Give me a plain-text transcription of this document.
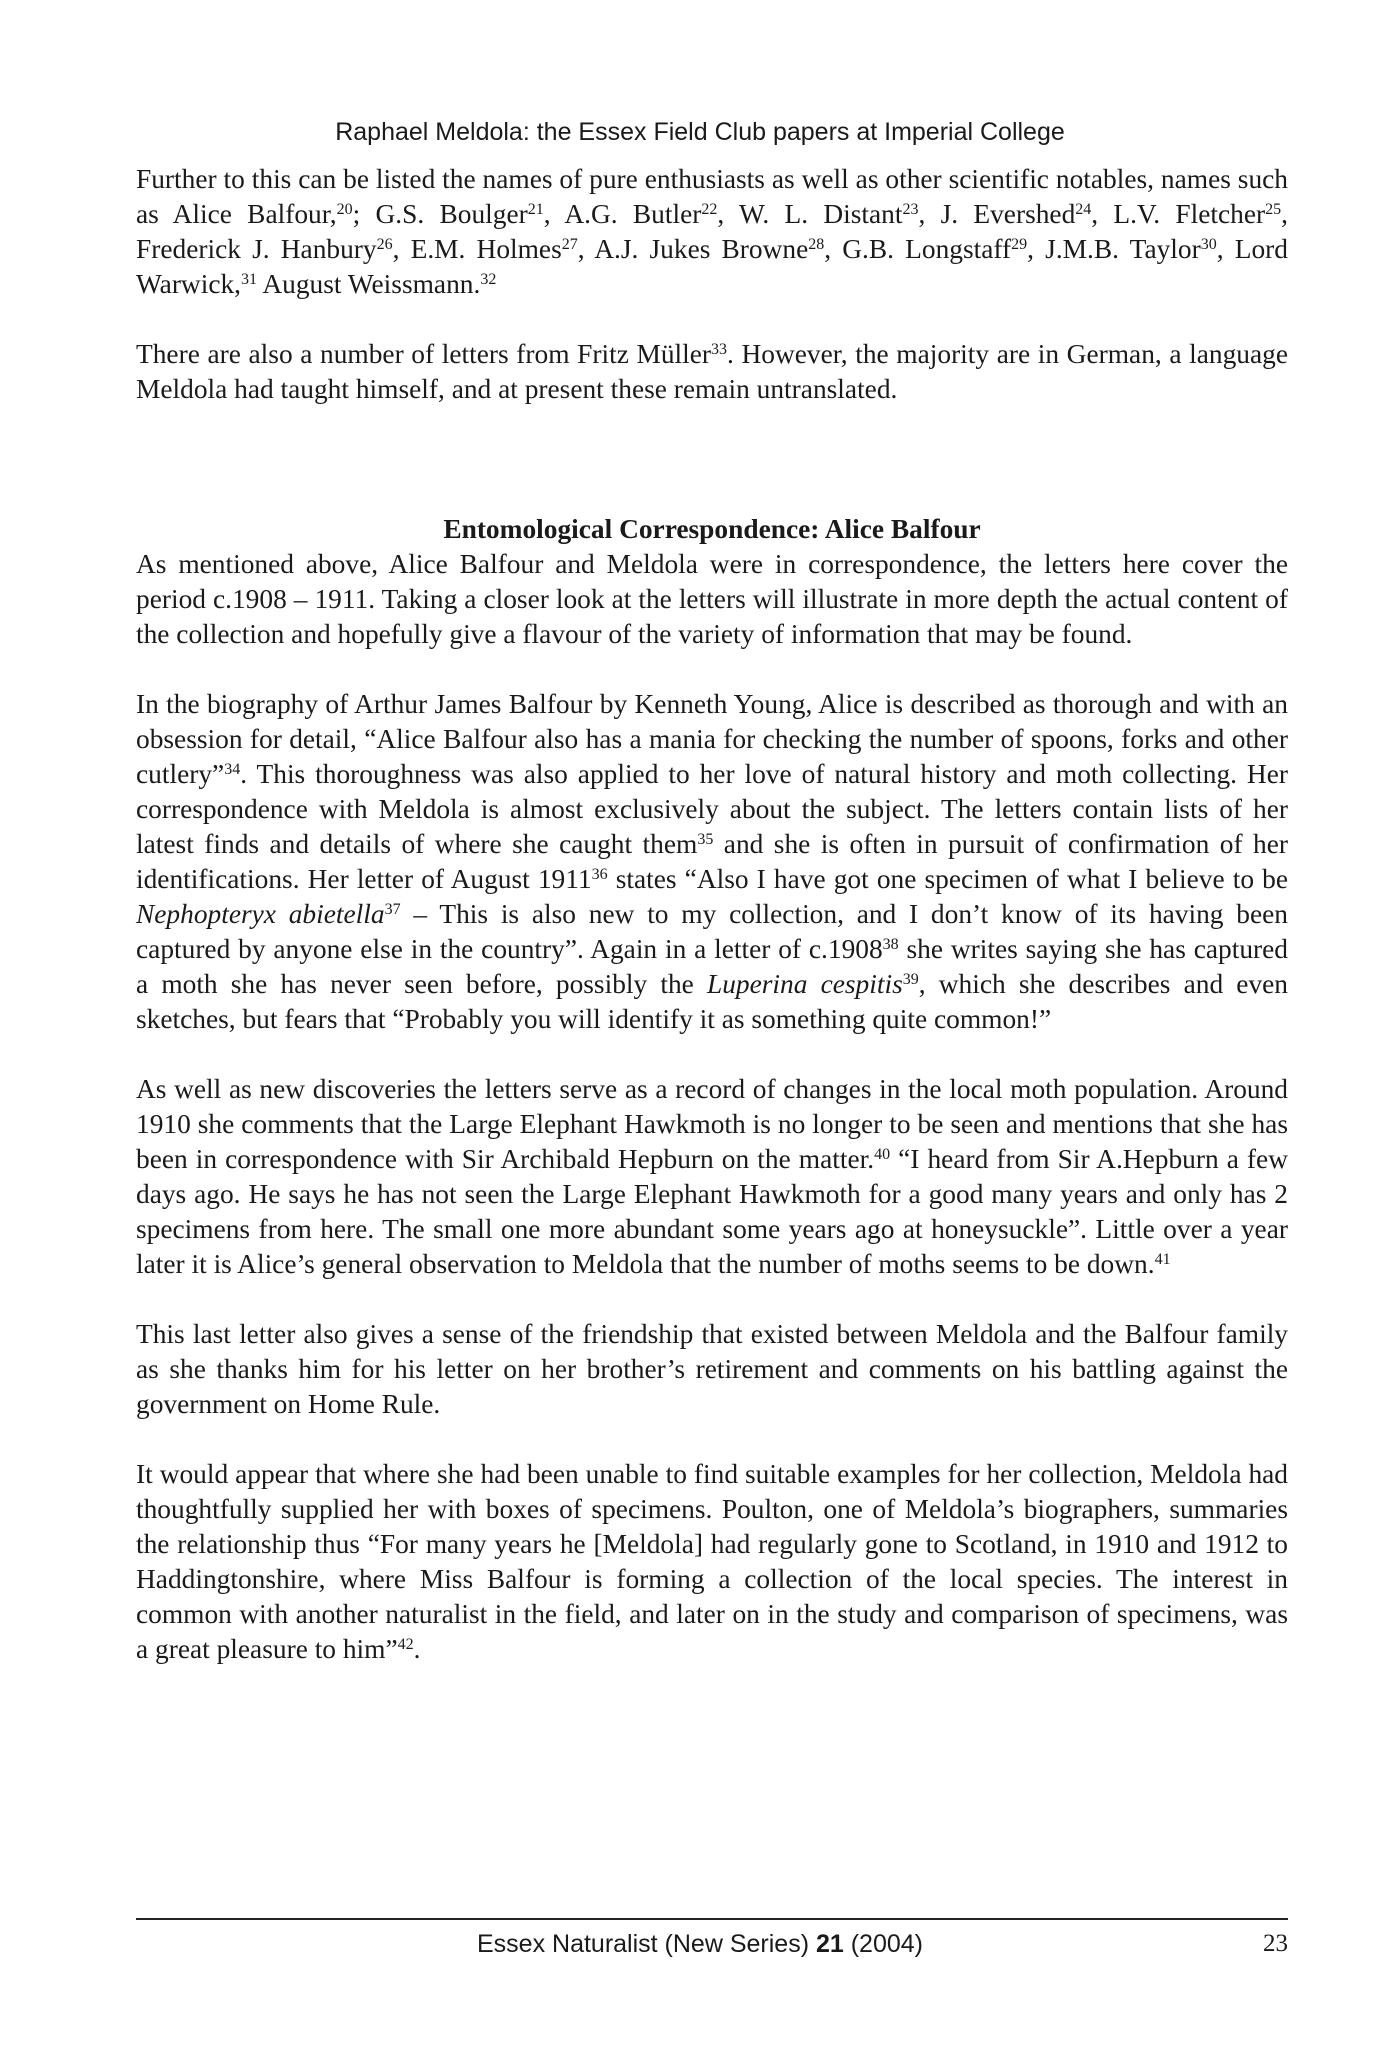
Raphael Meldola: the Essex Field Club papers at Imperial College

Further to this can be listed the names of pure enthusiasts as well as other scientific notables, names such as Alice Balfour,$^{20}$; G.S. Boulger$^{21}$, A.G. Butler$^{22}$, W. L. Distant$^{23}$, J. Evershed$^{24}$, L.V. Fletcher$^{25}$, Frederick J. Hanbury$^{26}$, E.M. Holmes$^{27}$, A.J. Jukes Browne$^{28}$, G.B. Longstaff$^{29}$, J.M.B. Taylor$^{30}$, Lord Warwick,$^{31}$ August Weissmann.$^{32}$

There are also a number of letters from Fritz Müller$^{33}$. However, the majority are in German, a language Meldola had taught himself, and at present these remain untranslated.

Entomological Correspondence: Alice Balfour

As mentioned above, Alice Balfour and Meldola were in correspondence, the letters here cover the period c.1908 – 1911. Taking a closer look at the letters will illustrate in more depth the actual content of the collection and hopefully give a flavour of the variety of information that may be found.

In the biography of Arthur James Balfour by Kenneth Young, Alice is described as thorough and with an obsession for detail, “Alice Balfour also has a mania for checking the number of spoons, forks and other cutlery”$^{34}$. This thoroughness was also applied to her love of natural history and moth collecting. Her correspondence with Meldola is almost exclusively about the subject. The letters contain lists of her latest finds and details of where she caught them$^{35}$ and she is often in pursuit of confirmation of her identifications. Her letter of August 1911$^{36}$ states “Also I have got one specimen of what I believe to be Nephopteryx abietella$^{37}$ – This is also new to my collection, and I don’t know of its having been captured by anyone else in the country”. Again in a letter of c.1908$^{38}$ she writes saying she has captured a moth she has never seen before, possibly the Luperina cespitis$^{39}$, which she describes and even sketches, but fears that “Probably you will identify it as something quite common!”

As well as new discoveries the letters serve as a record of changes in the local moth population. Around 1910 she comments that the Large Elephant Hawkmoth is no longer to be seen and mentions that she has been in correspondence with Sir Archibald Hepburn on the matter.$^{40}$ “I heard from Sir A.Hepburn a few days ago. He says he has not seen the Large Elephant Hawkmoth for a good many years and only has 2 specimens from here. The small one more abundant some years ago at honeysuckle”. Little over a year later it is Alice’s general observation to Meldola that the number of moths seems to be down.$^{41}$

This last letter also gives a sense of the friendship that existed between Meldola and the Balfour family as she thanks him for his letter on her brother’s retirement and comments on his battling against the government on Home Rule.

It would appear that where she had been unable to find suitable examples for her collection, Meldola had thoughtfully supplied her with boxes of specimens. Poulton, one of Meldola’s biographers, summaries the relationship thus “For many years he [Meldola] had regularly gone to Scotland, in 1910 and 1912 to Haddingtonshire, where Miss Balfour is forming a collection of the local species. The interest in common with another naturalist in the field, and later on in the study and comparison of specimens, was a great pleasure to him”$^{42}$.

Essex Naturalist (New Series) 21 (2004)	23
